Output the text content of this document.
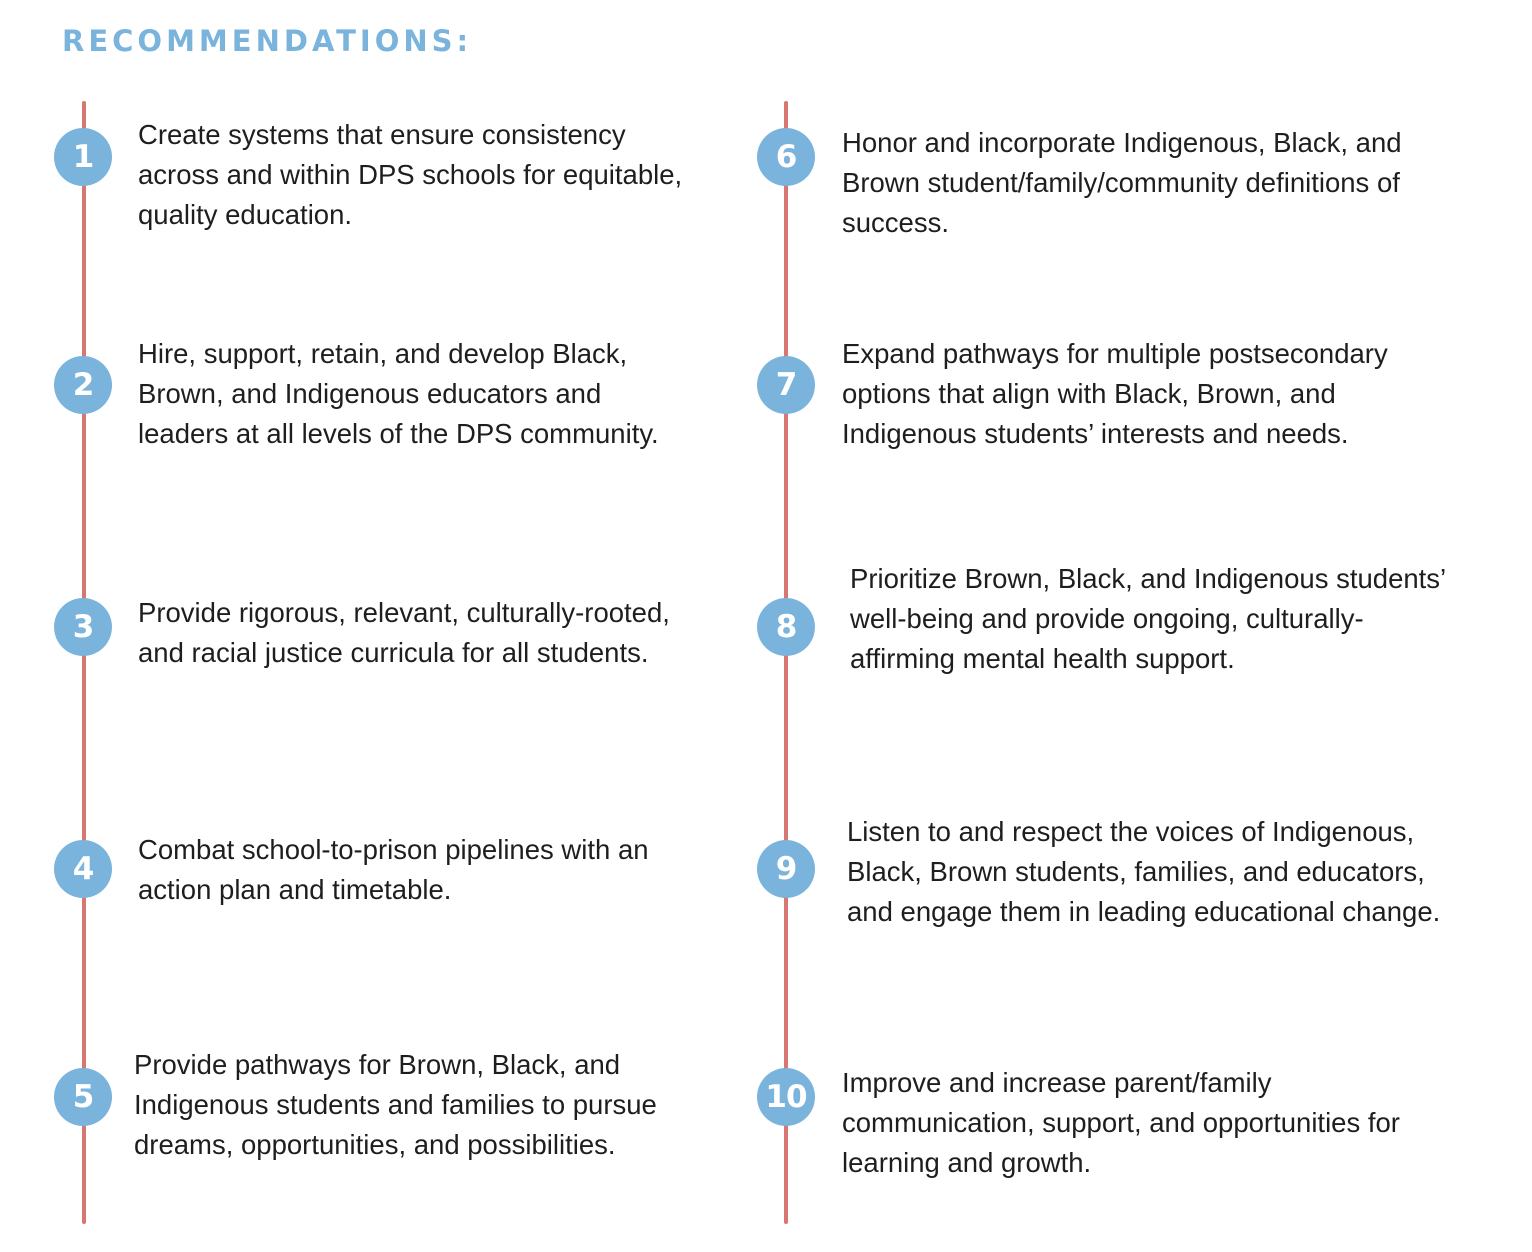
RECOMMENDATIONS:
1

Create systems that ensure consistency
across and within DPS schools for equitable,
quality education.

2

Hire, support, retain, and develop Black,
Brown, and Indigenous educators and
leaders at all levels of the DPS community.

3	Provide rigorous, relevant, culturally-rooted,
and racial justice curricula for all students.

4

Combat school-to-prison pipelines with an
action plan and timetable.

5

Provide pathways for Brown, Black, and
Indigenous students and families to pursue
dreams, opportunities, and possibilities.

6	Honor and incorporate Indigenous, Black, and
Brown student/family/community definitions of
success.

7

Expand pathways for multiple postsecondary
options that align with Black, Brown, and
Indigenous students’ interests and needs.

8

Prioritize Brown, Black, and Indigenous students’
well-being and provide ongoing, culturally-
affirming mental health support.

9

Listen to and respect the voices of Indigenous,
Black, Brown students, families, and educators,
and engage them in leading educational change.

10	Improve and increase parent/family
communication, support, and opportunities for
learning and growth.
